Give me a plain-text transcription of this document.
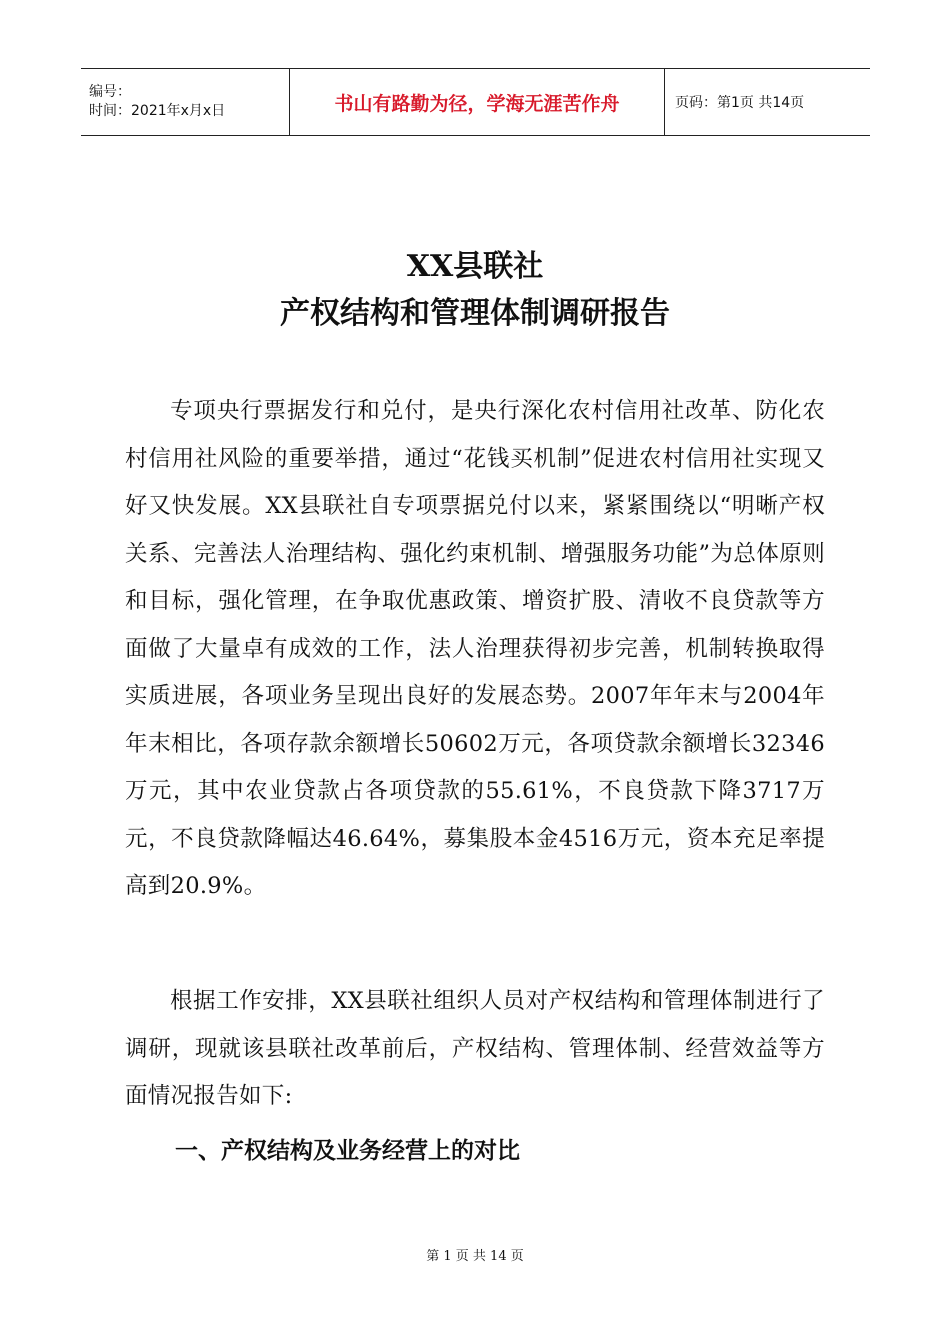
编号：
时间：2021年x月x日	书山有路勤为径，学海无涯苦作舟	页码：第1页 共14页
XX县联社
产权结构和管理体制调研报告
专项央行票据发行和兑付，是央行深化农村信用社改革、防化农村信用社风险的重要举措，通过“花钱买机制”促进农村信用社实现又好又快发展。XX县联社自专项票据兑付以来，紧紧围绕以“明晰产权关系、完善法人治理结构、强化约束机制、增强服务功能”为总体原则和目标，强化管理，在争取优惠政策、增资扩股、清收不良贷款等方面做了大量卓有成效的工作，法人治理获得初步完善，机制转换取得实质进展，各项业务呈现出良好的发展态势。2007年年末与2004年年末相比，各项存款余额增长50602万元，各项贷款余额增长32346万元，其中农业贷款占各项贷款的55.61%，不良贷款下降3717万元，不良贷款降幅达46.64%，募集股本金4516万元，资本充足率提高到20.9%。
根据工作安排，XX县联社组织人员对产权结构和管理体制进行了调研，现就该县联社改革前后，产权结构、管理体制、经营效益等方面情况报告如下:
一、产权结构及业务经营上的对比
第 1 页 共 14 页
